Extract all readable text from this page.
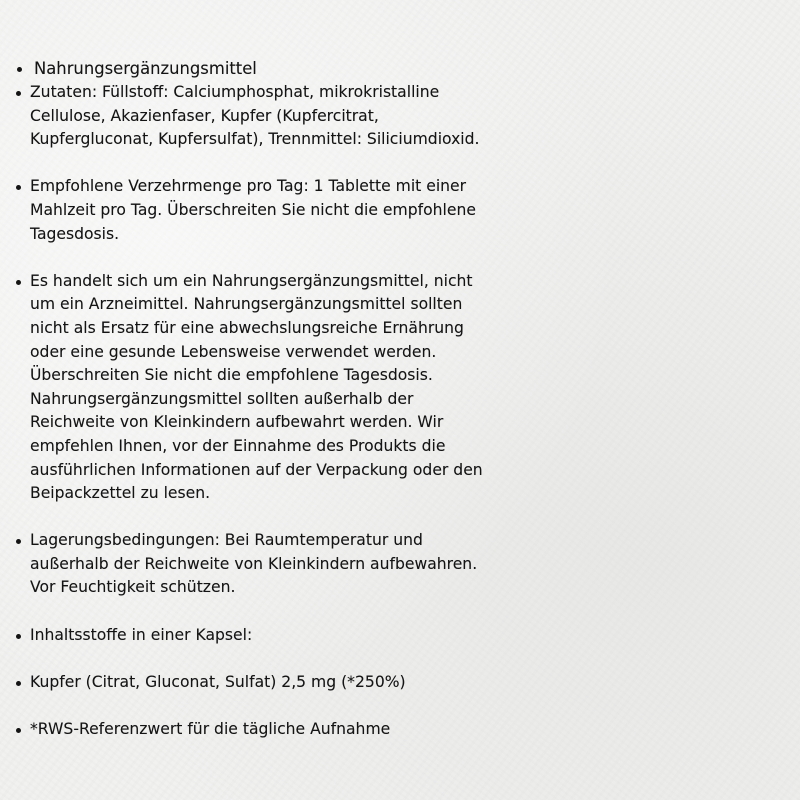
Nahrungsergänzungsmittel
Zutaten: Füllstoff: Calciumphosphat, mikrokristalline
Cellulose, Akazienfaser, Kupfer (Kupfercitrat,
Kupfergluconat, Kupfersulfat), Trennmittel: Siliciumdioxid.
Empfohlene Verzehrmenge pro Tag: 1 Tablette mit einer
Mahlzeit pro Tag. Überschreiten Sie nicht die empfohlene
Tagesdosis.
Es handelt sich um ein Nahrungsergänzungsmittel, nicht
um ein Arzneimittel. Nahrungsergänzungsmittel sollten
nicht als Ersatz für eine abwechslungsreiche Ernährung
oder eine gesunde Lebensweise verwendet werden.
Überschreiten Sie nicht die empfohlene Tagesdosis.
Nahrungsergänzungsmittel sollten außerhalb der
Reichweite von Kleinkindern aufbewahrt werden. Wir
empfehlen Ihnen, vor der Einnahme des Produkts die
ausführlichen Informationen auf der Verpackung oder den
Beipackzettel zu lesen.
Lagerungsbedingungen: Bei Raumtemperatur und
außerhalb der Reichweite von Kleinkindern aufbewahren.
Vor Feuchtigkeit schützen.
Inhaltsstoffe in einer Kapsel:
Kupfer (Citrat, Gluconat, Sulfat) 2,5 mg (*250%)
*RWS-Referenzwert für die tägliche Aufnahme
